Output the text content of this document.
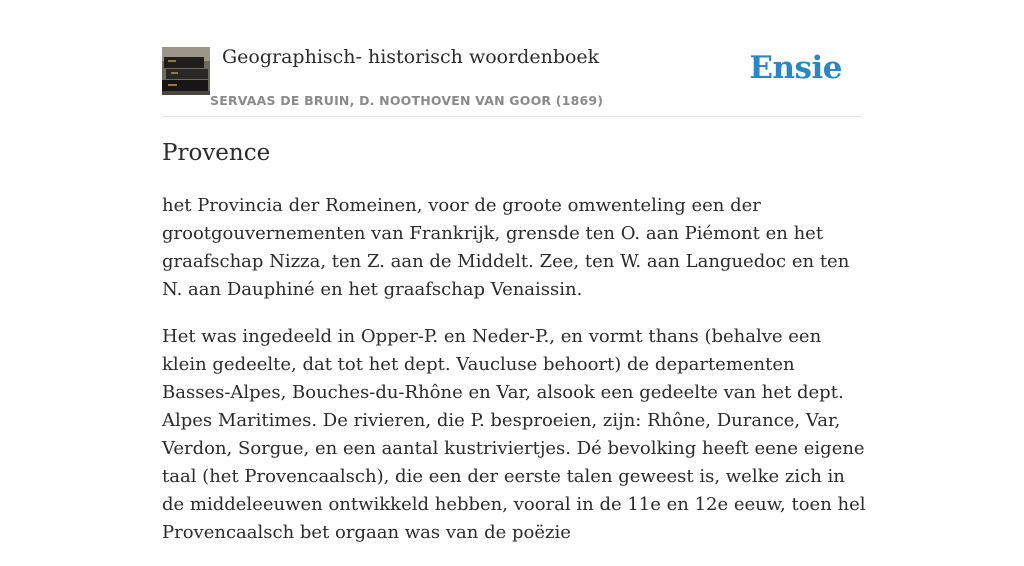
Geographisch- historisch woordenboek
SERVAAS DE BRUIN, D. NOOTHOVEN VAN GOOR (1869)
Ensie
Provence

het Provincia der Romeinen, voor de groote omwenteling een der grootgouvernementen van Frankrijk, grensde ten O. aan Piémont en het graafschap Nizza, ten Z. aan de Middelt. Zee, ten W. aan Languedoc en ten N. aan Dauphiné en het graafschap Venaissin.

Het was ingedeeld in Opper-P. en Neder-P., en vormt thans (behalve een klein gedeelte, dat tot het dept. Vaucluse behoort) de departementen Basses-Alpes, Bouches-du-Rhône en Var, alsook een gedeelte van het dept. Alpes Maritimes. De rivieren, die P. besproeien, zijn: Rhône, Durance, Var, Verdon, Sorgue, en een aantal kustriviertjes. Dé bevolking heeft eene eigene taal (het Provencaalsch), die een der eerste talen geweest is, welke zich in de middeleeuwen ontwikkeld hebben, vooral in de 11e en 12e eeuw, toen hel Provencaalsch bet orgaan was van de poëzie
